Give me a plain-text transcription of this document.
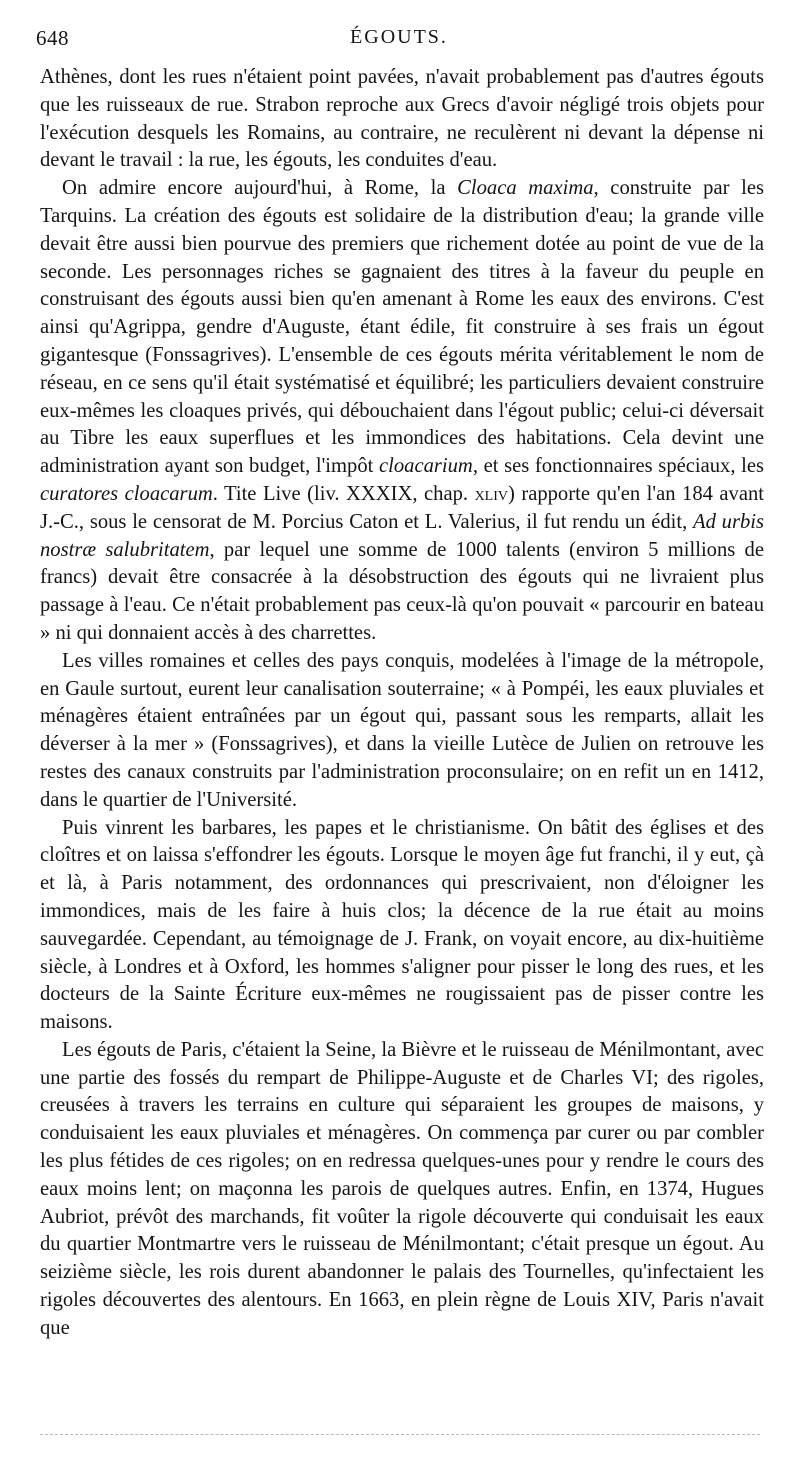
648	ÉGOUTS.

Athènes, dont les rues n'étaient point pavées, n'avait probablement pas d'autres égouts que les ruisseaux de rue. Strabon reproche aux Grecs d'avoir négligé trois objets pour l'exécution desquels les Romains, au contraire, ne reculèrent ni devant la dépense ni devant le travail : la rue, les égouts, les conduites d'eau.

On admire encore aujourd'hui, à Rome, la Cloaca maxima, construite par les Tarquins. La création des égouts est solidaire de la distribution d'eau; la grande ville devait être aussi bien pourvue des premiers que richement dotée au point de vue de la seconde. Les personnages riches se gagnaient des titres à la faveur du peuple en construisant des égouts aussi bien qu'en amenant à Rome les eaux des environs. C'est ainsi qu'Agrippa, gendre d'Auguste, étant édile, fit construire à ses frais un égout gigantesque (Fonssagrives). L'ensemble de ces égouts mérita véritablement le nom de réseau, en ce sens qu'il était systématisé et équilibré; les particuliers devaient construire eux-mêmes les cloaques privés, qui débouchaient dans l'égout public; celui-ci déversait au Tibre les eaux superflues et les immondices des habitations. Cela devint une administration ayant son budget, l'impôt cloacarium, et ses fonctionnaires spéciaux, les curatores cloacarum. Tite Live (liv. XXXIX, chap. xliv) rapporte qu'en l'an 184 avant J.-C., sous le censorat de M. Porcius Caton et L. Valerius, il fut rendu un édit, Ad urbis nostræ salubritatem, par lequel une somme de 1000 talents (environ 5 millions de francs) devait être consacrée à la désobstruction des égouts qui ne livraient plus passage à l'eau. Ce n'était probablement pas ceux-là qu'on pouvait « parcourir en bateau » ni qui donnaient accès à des charrettes.

Les villes romaines et celles des pays conquis, modelées à l'image de la métropole, en Gaule surtout, eurent leur canalisation souterraine; « à Pompéi, les eaux pluviales et ménagères étaient entraînées par un égout qui, passant sous les remparts, allait les déverser à la mer » (Fonssagrives), et dans la vieille Lutèce de Julien on retrouve les restes des canaux construits par l'administration proconsulaire; on en refit un en 1412, dans le quartier de l'Université.

Puis vinrent les barbares, les papes et le christianisme. On bâtit des églises et des cloîtres et on laissa s'effondrer les égouts. Lorsque le moyen âge fut franchi, il y eut, çà et là, à Paris notamment, des ordonnances qui prescrivaient, non d'éloigner les immondices, mais de les faire à huis clos; la décence de la rue était au moins sauvegardée. Cependant, au témoignage de J. Frank, on voyait encore, au dix-huitième siècle, à Londres et à Oxford, les hommes s'aligner pour pisser le long des rues, et les docteurs de la Sainte Écriture eux-mêmes ne rougissaient pas de pisser contre les maisons.

Les égouts de Paris, c'étaient la Seine, la Bièvre et le ruisseau de Ménilmontant, avec une partie des fossés du rempart de Philippe-Auguste et de Charles VI; des rigoles, creusées à travers les terrains en culture qui séparaient les groupes de maisons, y conduisaient les eaux pluviales et ménagères. On commença par curer ou par combler les plus fétides de ces rigoles; on en redressa quelques-unes pour y rendre le cours des eaux moins lent; on maçonna les parois de quelques autres. Enfin, en 1374, Hugues Aubriot, prévôt des marchands, fit voûter la rigole découverte qui conduisait les eaux du quartier Montmartre vers le ruisseau de Ménilmontant; c'était presque un égout. Au seizième siècle, les rois durent abandonner le palais des Tournelles, qu'infectaient les rigoles découvertes des alentours. En 1663, en plein règne de Louis XIV, Paris n'avait que
